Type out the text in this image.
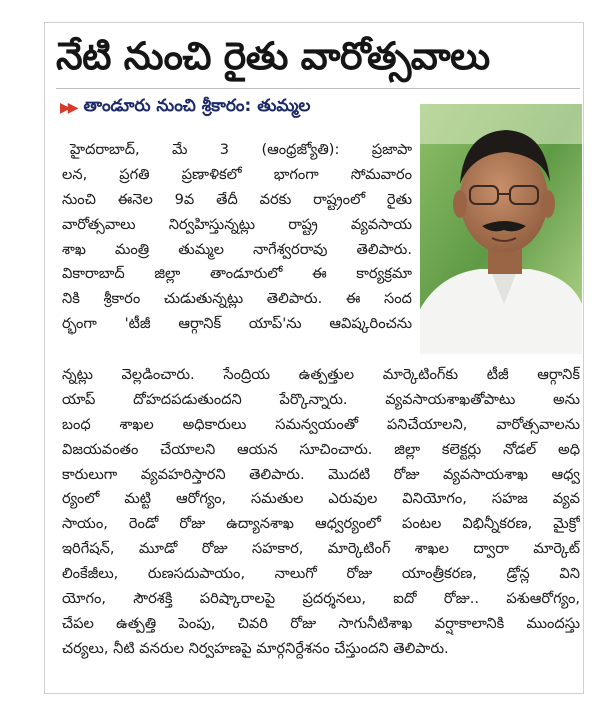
నేటి నుంచి రైతు వారోత్సవాలు
▶▶ తాండూరు నుంచి శ్రీకారం: తుమ్మల
హైదరాబాద్, మే 3 (ఆంధ్రజ్యోతి): ప్రజాపా
లన, ప్రగతి ప్రణాళికలో భాగంగా సోమవారం
నుంచి ఈనెల 9వ తేదీ వరకు రాష్ట్రంలో రైతు
వారోత్సవాలు నిర్వహిస్తున్నట్లు రాష్ట్ర వ్యవసాయ
శాఖ మంత్రి తుమ్మల నాగేశ్వరరావు తెలిపారు.
వికారాబాద్ జిల్లా తాండూరులో ఈ కార్యక్రమా
నికి శ్రీకారం చుడుతున్నట్లు తెలిపారు. ఈ సంద
ర్భంగా 'టీజీ ఆర్గానిక్ యాప్'ను ఆవిష్కరించను
న్నట్లు వెల్లడించారు. సేంద్రియ ఉత్పత్తుల మార్కెటింగ్‌కు టీజీ ఆర్గానిక్
యాప్ దోహదపడుతుందని పేర్కొన్నారు. వ్యవసాయశాఖతోపాటు అను
బంధ శాఖల అధికారులు సమన్వయంతో పనిచేయాలని, వారోత్సవాలను
విజయవంతం చేయాలని ఆయన సూచించారు. జిల్లా కలెక్టర్లు నోడల్ అధి
కారులుగా వ్యవహరిస్తారని తెలిపారు. మొదటి రోజు వ్యవసాయశాఖ ఆధ్వ
ర్యంలో మట్టి ఆరోగ్యం, సమతుల ఎరువుల వినియోగం, సహజ వ్యవ
సాయం, రెండో రోజు ఉద్యానశాఖ ఆధ్వర్యంలో పంటల విభిన్నీకరణ, మైక్రో
ఇరిగేషన్, మూడో రోజు సహకార, మార్కెటింగ్ శాఖల ద్వారా మార్కెట్
లింకేజీలు, రుణసదుపాయం, నాలుగో రోజు యాంత్రీకరణ, డ్రోన్ల విని
యోగం, సౌరశక్తి పరిష్కారాలపై ప్రదర్శనలు, ఐదో రోజు.. పశుఆరోగ్యం,
చేపల ఉత్పత్తి పెంపు, చివరి రోజు సాగునీటిశాఖ వర్షాకాలానికి ముందస్తు
చర్యలు, నీటి వనరుల నిర్వహణపై మార్గనిర్దేశనం చేస్తుందని తెలిపారు.
